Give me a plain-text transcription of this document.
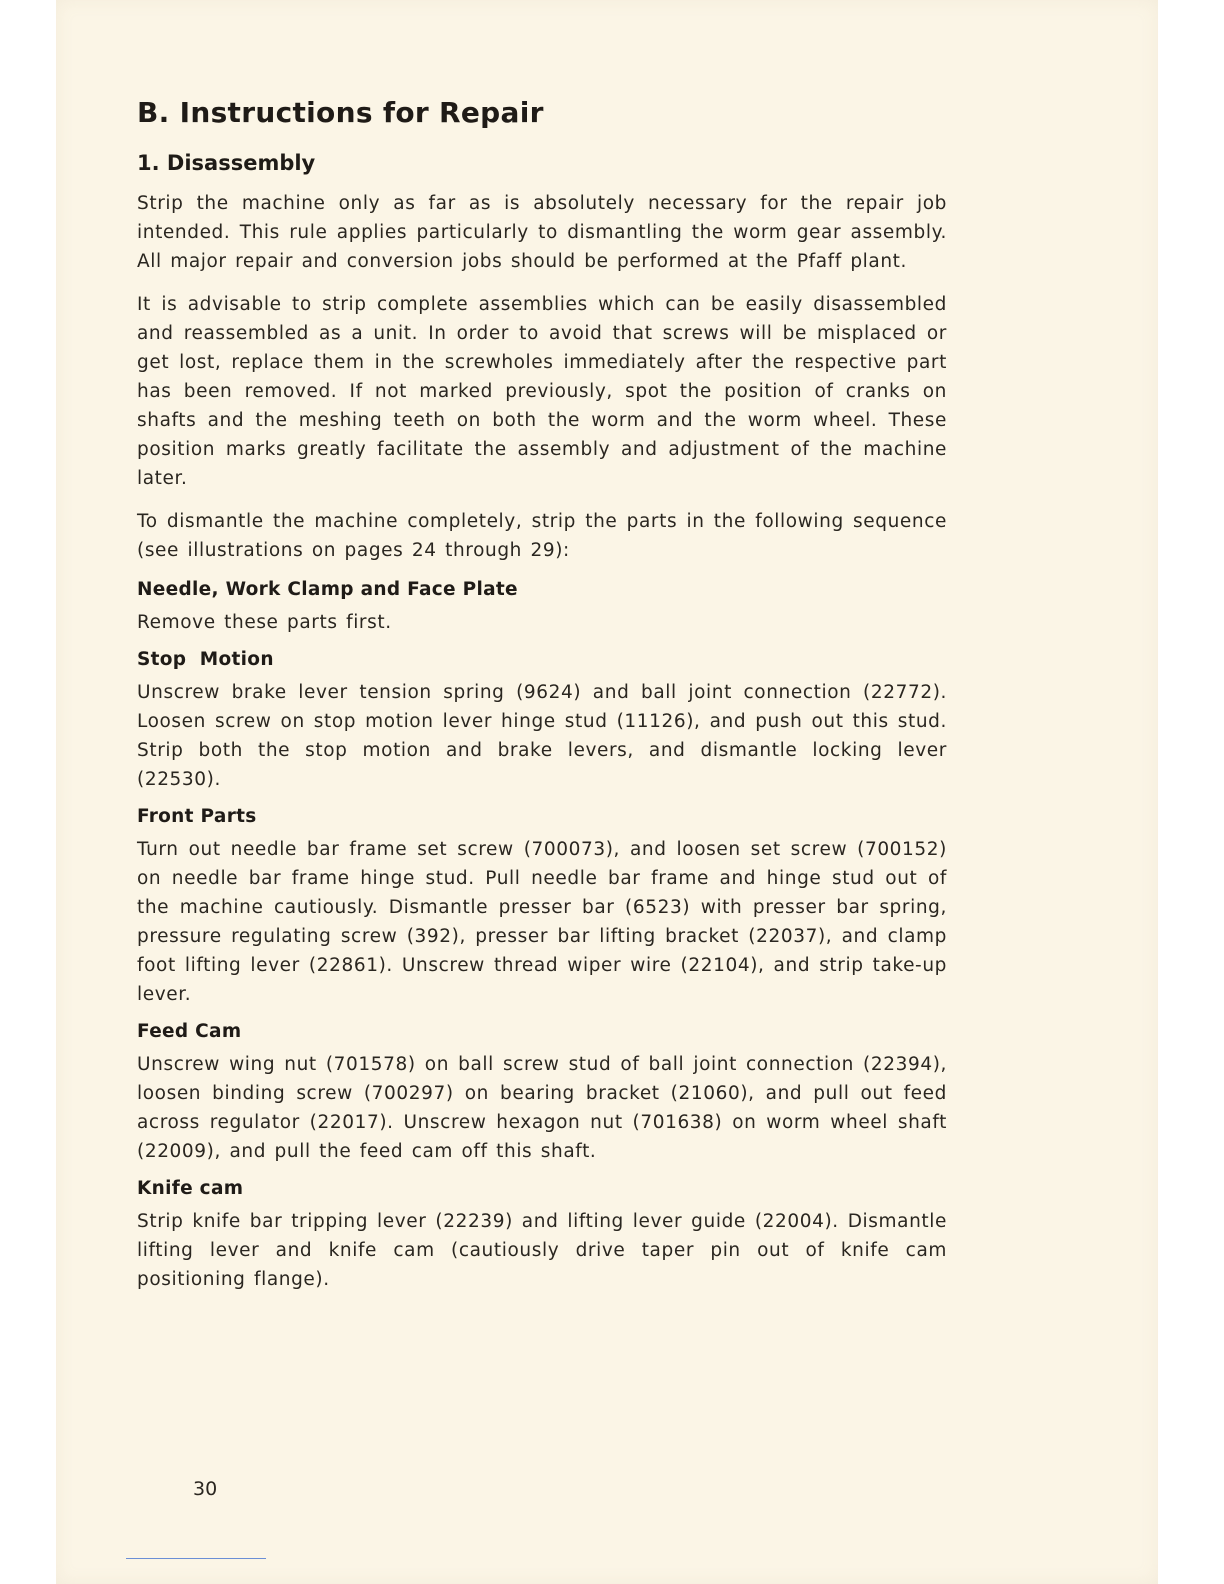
B. Instructions for Repair
1. Disassembly

Strip the machine only as far as is absolutely necessary for the repair job intended. This rule applies particularly to dismantling the worm gear assembly. All major repair and conversion jobs should be performed at the Pfaff plant.

It is advisable to strip complete assemblies which can be easily disassembled and reassembled as a unit. In order to avoid that screws will be misplaced or get lost, replace them in the screwholes immediately after the respective part has been removed. If not marked previously, spot the position of cranks on shafts and the meshing teeth on both the worm and the worm wheel. These position marks greatly facilitate the assembly and adjustment of the machine later.

To dismantle the machine completely, strip the parts in the following sequence (see illustrations on pages 24 through 29):

Needle, Work Clamp and Face Plate

Remove these parts first.

Stop  Motion

Unscrew brake lever tension spring (9624) and ball joint connection (22772). Loosen screw on stop motion lever hinge stud (11126), and push out this stud. Strip both the stop motion and brake levers, and dismantle locking lever (22530).

Front Parts

Turn out needle bar frame set screw (700073), and loosen set screw (700152) on needle bar frame hinge stud. Pull needle bar frame and hinge stud out of the machine cautiously. Dismantle presser bar (6523) with presser bar spring, pressure regulating screw (392), presser bar lifting bracket (22037), and clamp foot lifting lever (22861). Unscrew thread wiper wire (22104), and strip take-up lever.

Feed Cam

Unscrew wing nut (701578) on ball screw stud of ball joint connection (22394), loosen binding screw (700297) on bearing bracket (21060), and pull out feed across regulator (22017). Unscrew hexagon nut (701638) on worm wheel shaft (22009), and pull the feed cam off this shaft.

Knife cam

Strip knife bar tripping lever (22239) and lifting lever guide (22004). Dismantle lifting lever and knife cam (cautiously drive taper pin out of knife cam positioning flange).

30
